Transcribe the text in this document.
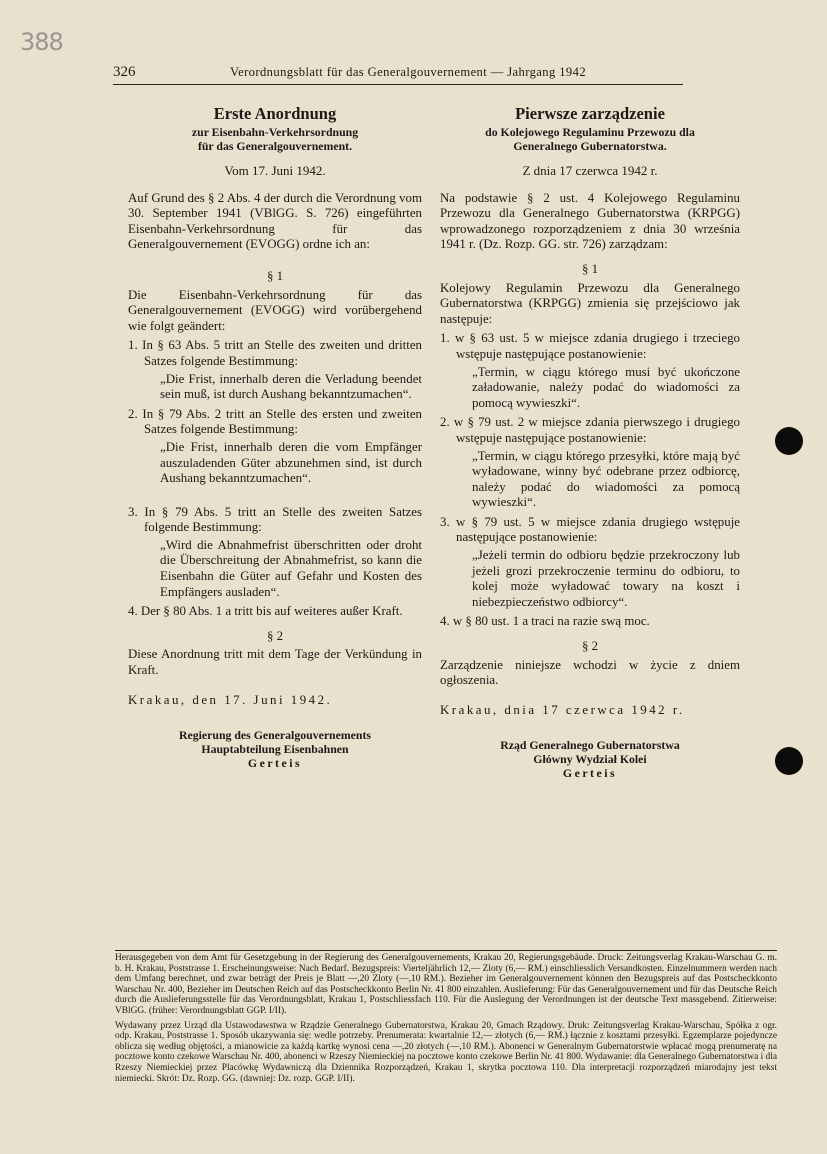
388
326	Verordnungsblatt für das Generalgouvernement — Jahrgang 1942
Erste Anordnung
zur Eisenbahn-Verkehrsordnung
für das Generalgouvernement.
Vom 17. Juni 1942.

Auf Grund des § 2 Abs. 4 der durch die Verordnung vom 30. September 1941 (VBlGG. S. 726) eingeführten Eisenbahn-Verkehrsordnung für das Generalgouvernement (EVOGG) ordne ich an:

§ 1

Die Eisenbahn-Verkehrsordnung für das Generalgouvernement (EVOGG) wird vorübergehend wie folgt geändert:

1. In § 63 Abs. 5 tritt an Stelle des zweiten und dritten Satzes folgende Bestimmung:

„Die Frist, innerhalb deren die Verladung beendet sein muß, ist durch Aushang bekanntzumachen“.

2. In § 79 Abs. 2 tritt an Stelle des ersten und zweiten Satzes folgende Bestimmung:

„Die Frist, innerhalb deren die vom Empfänger auszuladenden Güter abzunehmen sind, ist durch Aushang bekanntzumachen“.

3. In § 79 Abs. 5 tritt an Stelle des zweiten Satzes folgende Bestimmung:

„Wird die Abnahmefrist überschritten oder droht die Überschreitung der Abnahmefrist, so kann die Eisenbahn die Güter auf Gefahr und Kosten des Empfängers ausladen“.

4. Der § 80 Abs. 1 a tritt bis auf weiteres außer Kraft.

§ 2

Diese Anordnung tritt mit dem Tage der Verkündung in Kraft.

Krakau, den 17. Juni 1942.

Regierung des Generalgouvernements
Hauptabteilung Eisenbahnen
Gerteis
Pierwsze zarządzenie
do Kolejowego Regulaminu Przewozu dla
Generalnego Gubernatorstwa.
Z dnia 17 czerwca 1942 r.

Na podstawie § 2 ust. 4 Kolejowego Regulaminu Przewozu dla Generalnego Gubernatorstwa (KRPGG) wprowadzonego rozporządzeniem z dnia 30 września 1941 r. (Dz. Rozp. GG. str. 726) zarządzam:

§ 1

Kolejowy Regulamin Przewozu dla Generalnego Gubernatorstwa (KRPGG) zmienia się przejściowo jak następuje:

1. w § 63 ust. 5 w miejsce zdania drugiego i trzeciego wstępuje następujące postanowienie:

„Termin, w ciągu którego musi być ukończone załadowanie, należy podać do wiadomości za pomocą wywieszki“.

2. w § 79 ust. 2 w miejsce zdania pierwszego i drugiego wstępuje następujące postanowienie:

„Termin, w ciągu którego przesyłki, które mają być wyładowane, winny być odebrane przez odbiorcę, należy podać do wiadomości za pomocą wywieszki“.

3. w § 79 ust. 5 w miejsce zdania drugiego wstępuje następujące postanowienie:

„Jeżeli termin do odbioru będzie przekroczony lub jeżeli grozi przekroczenie terminu do odbioru, to kolej może wyładować towary na koszt i niebezpieczeństwo odbiorcy“.

4. w § 80 ust. 1 a traci na razie swą moc.

§ 2

Zarządzenie niniejsze wchodzi w życie z dniem ogłoszenia.

Krakau, dnia 17 czerwca 1942 r.

Rząd Generalnego Gubernatorstwa
Główny Wydział Kolei
Gerteis

Herausgegeben von dem Amt für Gesetzgebung in der Regierung des Generalgouvernements, Krakau 20, Regierungsgebäude. Druck: Zeitungsverlag Krakau-Warschau G. m. b. H. Krakau, Poststrasse 1. Erscheinungsweise: Nach Bedarf. Bezugspreis: Vierteljährlich 12,— Zloty (6,— RM.) einschliesslich Versandkosten. Einzelnummern werden nach dem Umfang berechnet, und zwar beträgt der Preis je Blatt —,20 Zloty (—,10 RM.). Bezieher im Generalgouvernement können den Bezugspreis auf das Postscheckkonto Warschau Nr. 400, Bezieher im Deutschen Reich auf das Postscheckkonto Berlin Nr. 41 800 einzahlen. Auslieferung: Für das Generalgouvernement und für das Deutsche Reich durch die Auslieferungsstelle für das Verordnungsblatt, Krakau 1, Postschliessfach 110. Für die Auslegung der Verordnungen ist der deutsche Text massgebend. Zitierweise: VBlGG. (früher: Verordnungsblatt GGP. I/II).

Wydawany przez Urząd dla Ustawodawstwa w Rządzie Generalnego Gubernatorstwa, Krakau 20, Gmach Rządowy. Druk: Zeitungsverlag Krakau-Warschau, Spółka z ogr. odp. Krakau, Poststrasse 1. Sposób ukazywania się: wedle potrzeby. Prenumerata: kwartalnie 12,— złotych (6,— RM.) łącznie z kosztami przesyłki. Egzemplarze pojedyncze oblicza się według objętości, a mianowicie za każdą kartkę wynosi cena —,20 złotych (—,10 RM.). Abonenci w Generalnym Gubernatorstwie wpłacać mogą prenumeratę na pocztowe konto czekowe Warschau Nr. 400, abonenci w Rzeszy Niemieckiej na pocztowe konto czekowe Berlin Nr. 41 800. Wydawanie: dla Generalnego Gubernatorstwa i dla Rzeszy Niemieckiej przez Placówkę Wydawniczą dla Dziennika Rozporządzeń, Krakau 1, skrytka pocztowa 110. Dla interpretacji rozporządzeń miarodajny jest tekst niemiecki. Skrót: Dz. Rozp. GG. (dawniej: Dz. rozp. GGP. I/II).
